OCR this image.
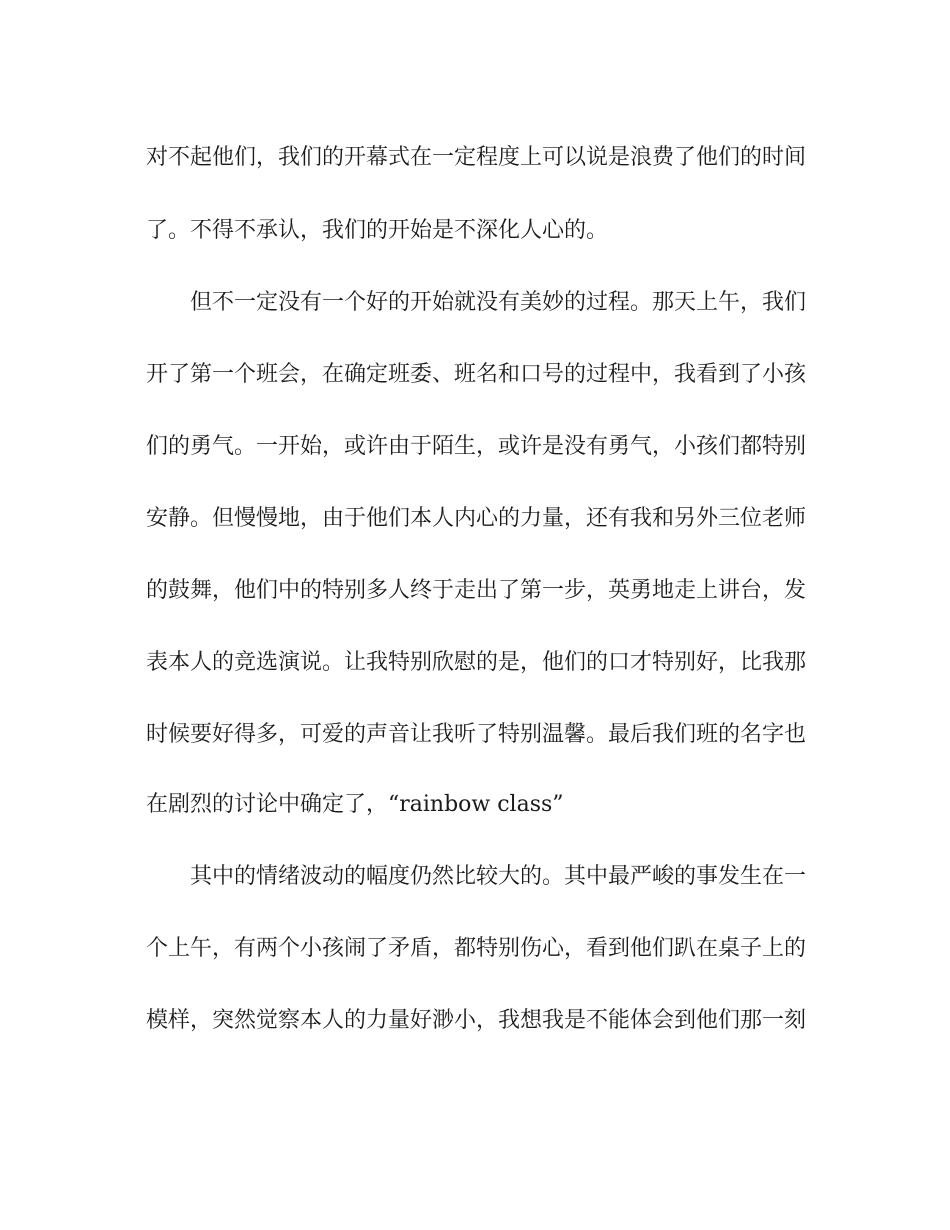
对不起他们，我们的开幕式在一定程度上可以说是浪费了他们的时间
了。不得不承认，我们的开始是不深化人心的。
但不一定没有一个好的开始就没有美妙的过程。那天上午，我们
开了第一个班会，在确定班委、班名和口号的过程中，我看到了小孩
们的勇气。一开始，或许由于陌生，或许是没有勇气，小孩们都特别
安静。但慢慢地，由于他们本人内心的力量，还有我和另外三位老师
的鼓舞，他们中的特别多人终于走出了第一步，英勇地走上讲台，发
表本人的竞选演说。让我特别欣慰的是，他们的口才特别好，比我那
时候要好得多，可爱的声音让我听了特别温馨。最后我们班的名字也
在剧烈的讨论中确定了，“rainbow class”
其中的情绪波动的幅度仍然比较大的。其中最严峻的事发生在一
个上午，有两个小孩闹了矛盾，都特别伤心，看到他们趴在桌子上的
模样，突然觉察本人的力量好渺小，我想我是不能体会到他们那一刻
